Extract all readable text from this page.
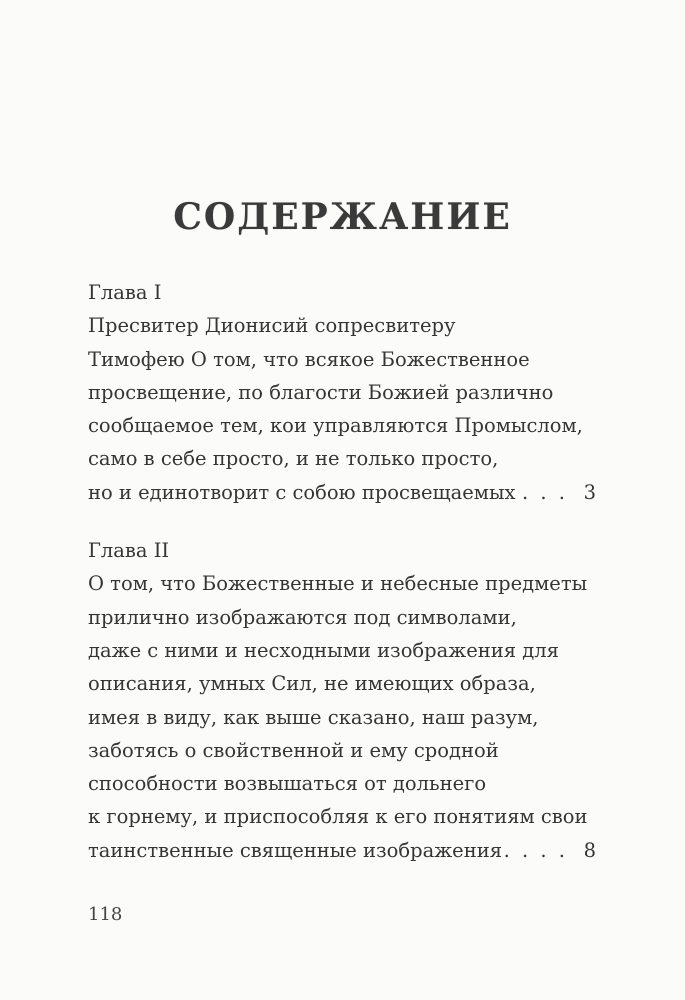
СОДЕРЖАНИЕ
Глава I
Пресвитер Дионисий сопресвитеру
Тимофею О том, что всякое Божественное
просвещение, по благости Божией различно
сообщаемое тем, кои управляются Промыслом,
само в себе просто, и не только просто,
но и единотворит с собою просвещаемых . . . 3
Глава II
О том, что Божественные и небесные предметы
прилично изображаются под символами,
даже с ними и несходными изображения для
описания, умных Сил, не имеющих образа,
имея в виду, как выше сказано, наш разум,
заботясь о свойственной и ему сродной
способности возвышаться от дольнего
к горнему, и приспособляя к его понятиям свои
таинственные священные изображения . . . . 8
118
